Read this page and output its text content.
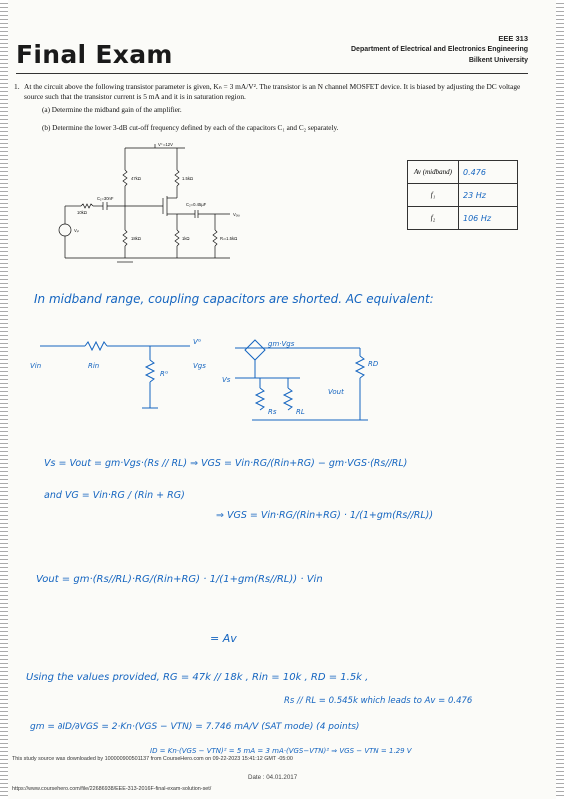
Final Exam
EEE 313
Department of Electrical and Electronics Engineering
Bilkent University
1. At the circuit above the following transistor parameter is given, Kₙ = 3 mA/V². The transistor is an N channel MOSFET device. It is biased by adjusting the DC voltage source such that the transistor current is 5 mA and it is in saturation region.
(a) Determine the midband gain of the amplifier.
(b) Determine the lower 3-dB cut-off frequency defined by each of the capacitors C₁ and C₂ separately.
V⁺=12V
47kΩ	1.5kΩ
10kΩ
C₁=30nF
C₂=0.45µF
18kΩ	1kΩ	Rₗ=1.5kΩ
Vₒᵤₜ
Vᵢₙ
Av (midband)	0.476
f₁	23 Hz
f₂	106 Hz
In midband range, coupling capacitors are shorted. AC equivalent:
Vin	Rin
Rᴳ
Vᴳ
Vgs
Vs
gm·Vgs
RD
Rs	RL
Vout
Vs = Vout = gm·Vgs·(Rs // RL) ⇒ VGS = Vin·RG/(Rin+RG) − gm·VGS·(Rs//RL)
and VG = Vin·RG / (Rin + RG)
⇒ VGS = Vin·RG/(Rin+RG) · 1/(1+gm(Rs//RL))
Vout = gm·(Rs//RL)·RG/(Rin+RG) · 1/(1+gm(Rs//RL)) · Vin
= Av
Using the values provided, RG = 47k // 18k , Rin = 10k , RD = 1.5k ,
Rs // RL = 0.545k which leads to Av = 0.476
gm = ∂ID/∂VGS = 2·Kn·(VGS − VTN) = 7.746 mA/V (SAT mode) (4 points)
ID = Kn·(VGS − VTN)² = 5 mA = 3 mA·(VGS−VTN)² ⇒ VGS − VTN = 1.29 V
This study source was downloaded by 100000900501137 from CourseHero.com on 09-22-2023 15:41:12 GMT -05:00
Date : 04.01.2017
https://www.coursehero.com/file/22686938/EEE-313-2016F-final-exam-solution-set/
